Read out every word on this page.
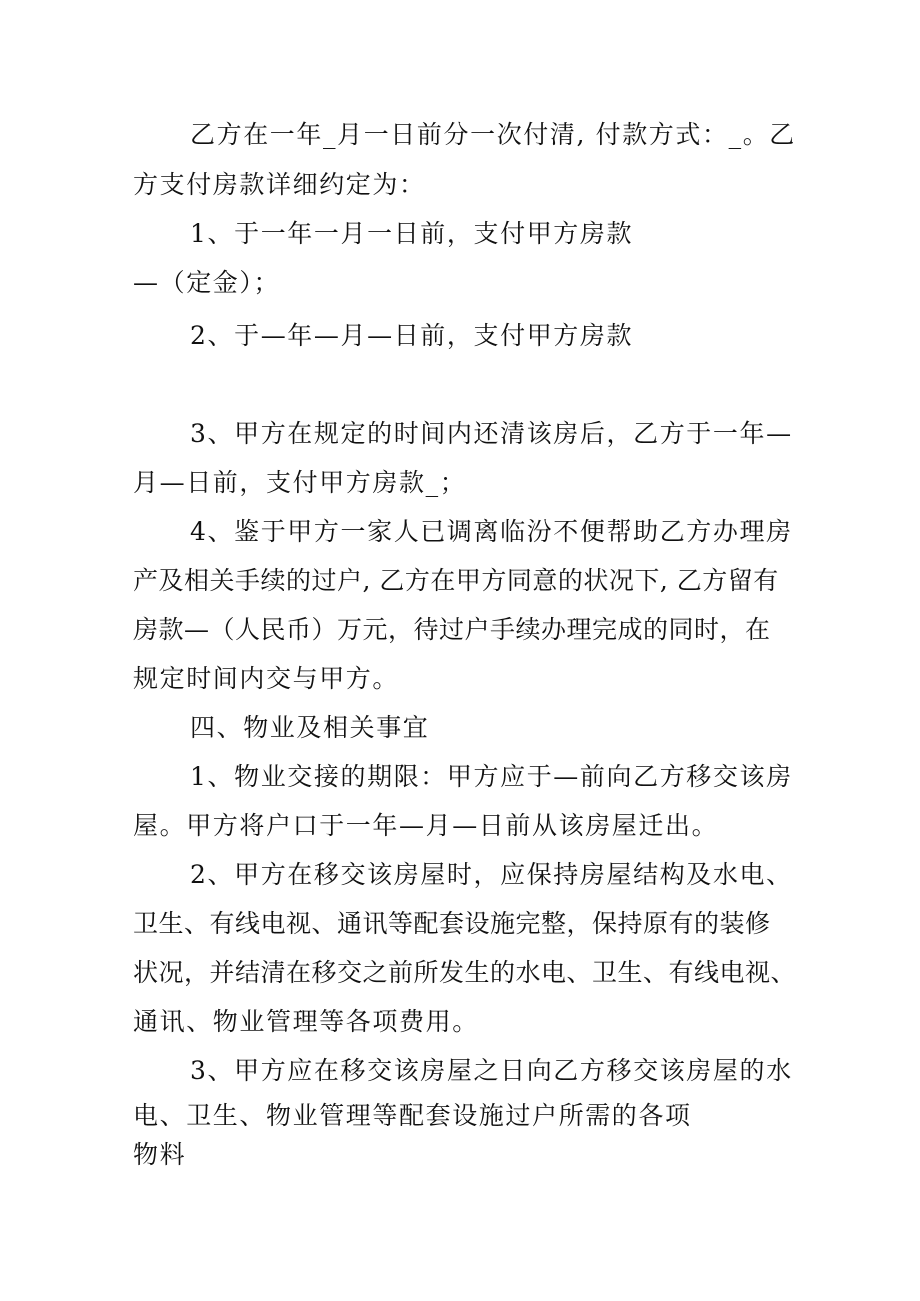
乙方在一年_月一日前分一次付清, 付款方式：_。乙
方支付房款详细约定为：
1、于一年一月一日前，支付甲方房款
—（定金）；
2、于—年—月—日前，支付甲方房款
3、甲方在规定的时间内还清该房后，乙方于一年—
月—日前，支付甲方房款_；
4、鉴于甲方一家人已调离临汾不便帮助乙方办理房
产及相关手续的过户, 乙方在甲方同意的状况下, 乙方留有
房款—（人民币）万元，待过户手续办理完成的同时，在
规定时间内交与甲方。
四、物业及相关事宜
1、物业交接的期限：甲方应于—前向乙方移交该房
屋。甲方将户口于一年—月—日前从该房屋迁出。
2、甲方在移交该房屋时，应保持房屋结构及水电、
卫生、有线电视、通讯等配套设施完整，保持原有的装修
状况，并结清在移交之前所发生的水电、卫生、有线电视、
通讯、物业管理等各项费用。
3、甲方应在移交该房屋之日向乙方移交该房屋的水
电、卫生、物业管理等配套设施过户所需的各项
物料
